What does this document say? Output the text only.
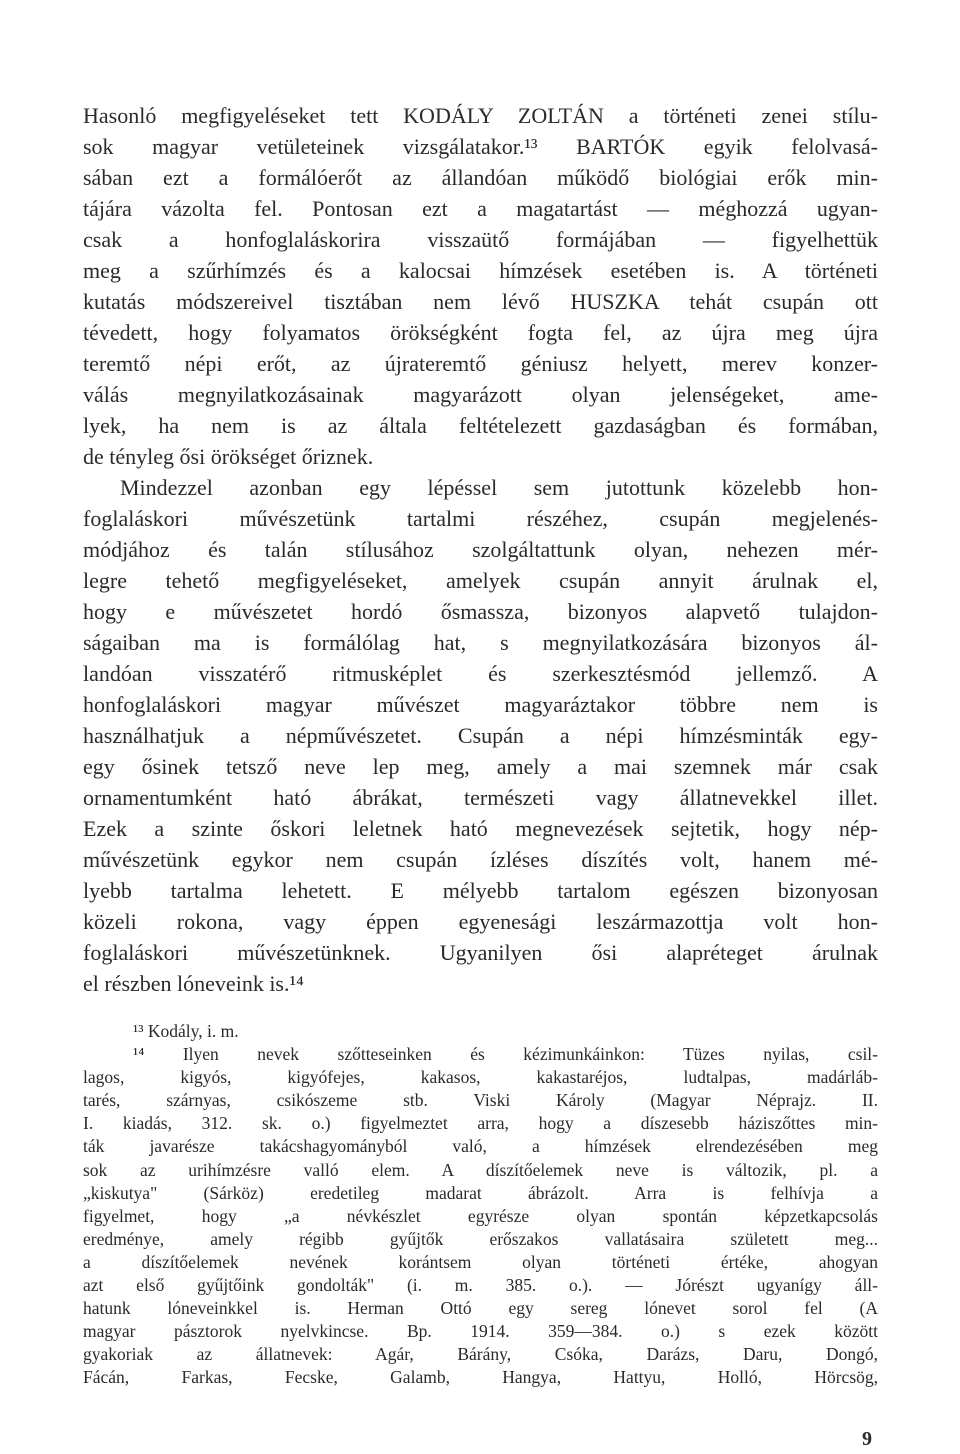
Hasonló megfigyeléseket tett KODÁLY ZOLTÁN a történeti zenei stílu-
sok magyar vetületeinek vizsgálatakor.¹³ BARTÓK egyik felolvasá-
sában ezt a formálóerőt az állandóan működő biológiai erők min-
tájára vázolta fel. Pontosan ezt a magatartást — méghozzá ugyan-
csak a honfoglaláskorira visszaütő formájában — figyelhettük
meg a szűrhímzés és a kalocsai hímzések esetében is. A történeti
kutatás módszereivel tisztában nem lévő HUSZKA tehát csupán ott
tévedett, hogy folyamatos örökségként fogta fel, az újra meg újra
teremtő népi erőt, az újrateremtő géniusz helyett, merev konzer-
válás megnyilatkozásainak magyarázott olyan jelenségeket, ame-
lyek, ha nem is az általa feltételezett gazdaságban és formában,
de tényleg ősi örökséget őriznek.
Mindezzel azonban egy lépéssel sem jutottunk közelebb hon-
foglaláskori művészetünk tartalmi részéhez, csupán megjelenés-
módjához és talán stílusához szolgáltattunk olyan, nehezen mér-
legre tehető megfigyeléseket, amelyek csupán annyit árulnak el,
hogy e művészetet hordó ősmassza, bizonyos alapvető tulajdon-
ságaiban ma is formálólag hat, s megnyilatkozására bizonyos ál-
landóan visszatérő ritmusképlet és szerkesztésmód jellemző. A
honfoglaláskori magyar művészet magyaráztakor többre nem is
használhatjuk a népművészetet. Csupán a népi hímzésminták egy-
egy ősinek tetsző neve lep meg, amely a mai szemnek már csak
ornamentumként ható ábrákat, természeti vagy állatnevekkel illet.
Ezek a szinte őskori leletnek ható megnevezések sejtetik, hogy nép-
művészetünk egykor nem csupán ízléses díszítés volt, hanem mé-
lyebb tartalma lehetett. E mélyebb tartalom egészen bizonyosan
közeli rokona, vagy éppen egyenesági leszármazottja volt hon-
foglaláskori művészetünknek. Ugyanilyen ősi alapréteget árulnak
el részben lóneveink is.¹⁴
¹³ Kodály, i. m.
¹⁴ Ilyen nevek szőtteseinken és kézimunkáinkon: Tüzes nyilas, csil-
lagos, kigyós, kigyófejes, kakasos, kakastaréjos, ludtalpas, madárláb-
tarés, szárnyas, csikószeme stb. Viski Károly (Magyar Néprajz. II.
I. kiadás, 312. sk. o.) figyelmeztet arra, hogy a díszesebb háziszőttes min-
ták javarésze takácshagyományból való, a hímzések elrendezésében meg
sok az urihímzésre valló elem. A díszítőelemek neve is változik, pl. a
„kiskutya" (Sárköz) eredetileg madarat ábrázolt. Arra is felhívja a
figyelmet, hogy „a névkészlet egyrésze olyan spontán képzetkapcsolás
eredménye, amely régibb gyűjtők erőszakos vallatásaira született meg...
a díszítőelemek nevének korántsem olyan történeti értéke, ahogyan
azt első gyűjtőink gondolták" (i. m. 385. o.). — Jórészt ugyanígy áll-
hatunk lóneveinkkel is. Herman Ottó egy sereg lónevet sorol fel (A
magyar pásztorok nyelvkincse. Bp. 1914. 359—384. o.) s ezek között
gyakoriak az állatnevek: Agár, Bárány, Csóka, Darázs, Daru, Dongó,
Fácán, Farkas, Fecske, Galamb, Hangya, Hattyu, Holló, Hörcsög,
9
